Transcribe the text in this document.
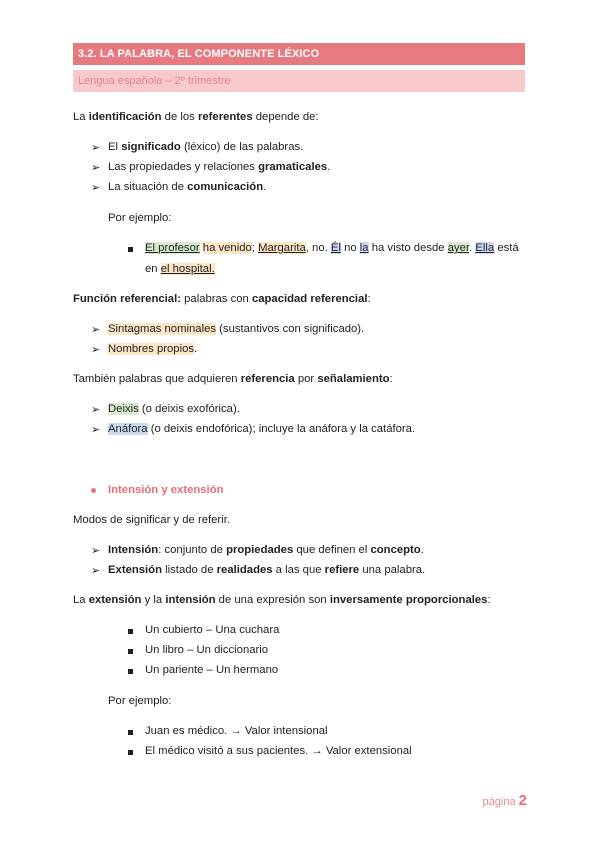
3.2. LA PALABRA, EL COMPONENTE LÉXICO
Lengua española – 2º trimestre
La identificación de los referentes depende de:
➢ El significado (léxico) de las palabras.
➢ Las propiedades y relaciones gramaticales.
➢ La situación de comunicación.
Por ejemplo:
El profesor ha venido; Margarita, no. Él no la ha visto desde ayer. Ella está
en el hospital.
Función referencial: palabras con capacidad referencial:
➢ Sintagmas nominales (sustantivos con significado).
➢ Nombres propios.
También palabras que adquieren referencia por señalamiento:
➢ Deixis (o deixis exofórica).
➢ Anáfora (o deixis endofórica); incluye la anáfora y la catáfora.
Intensión y extensión
Modos de significar y de referir.
➢ Intensión: conjunto de propiedades que definen el concepto.
➢ Extensión listado de realidades a las que refiere una palabra.
La extensión y la intensión de una expresión son inversamente proporcionales:
Un cubierto – Una cuchara
Un libro – Un diccionario
Un pariente – Un hermano
Por ejemplo:
Juan es médico. → Valor intensional
El médico visitó a sus pacientes. → Valor extensional
página 2
